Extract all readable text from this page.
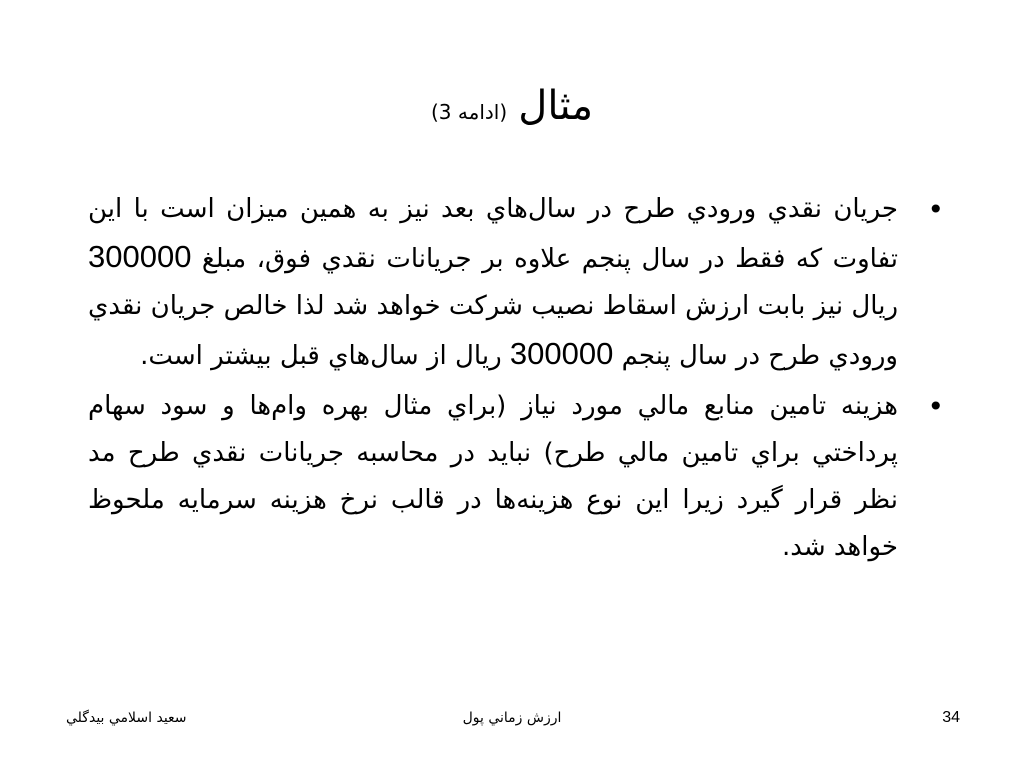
مثال (ادامه 3)
•
جريان نقدي ورودي طرح در سال‌هاي بعد نيز به همين ميزان است با اين تفاوت كه فقط در سال پنجم علاوه بر جريانات نقدي فوق، مبلغ 300000 ريال نيز بابت ارزش اسقاط نصيب شركت خواهد شد لذا خالص جريان نقدي ورودي طرح در سال پنجم 300000 ريال از سال‌هاي قبل بيشتر است.
•
هزينه تامين منابع مالي مورد نياز (براي مثال بهره وام‌ها و سود سهام پرداختي براي تامين مالي طرح) نبايد در محاسبه جريانات نقدي طرح مد نظر قرار گيرد زيرا اين نوع هزينه‌ها در قالب نرخ هزينه سرمايه ملحوظ خواهد شد.
سعيد اسلامي بيدگلي	ارزش زماني پول	34
